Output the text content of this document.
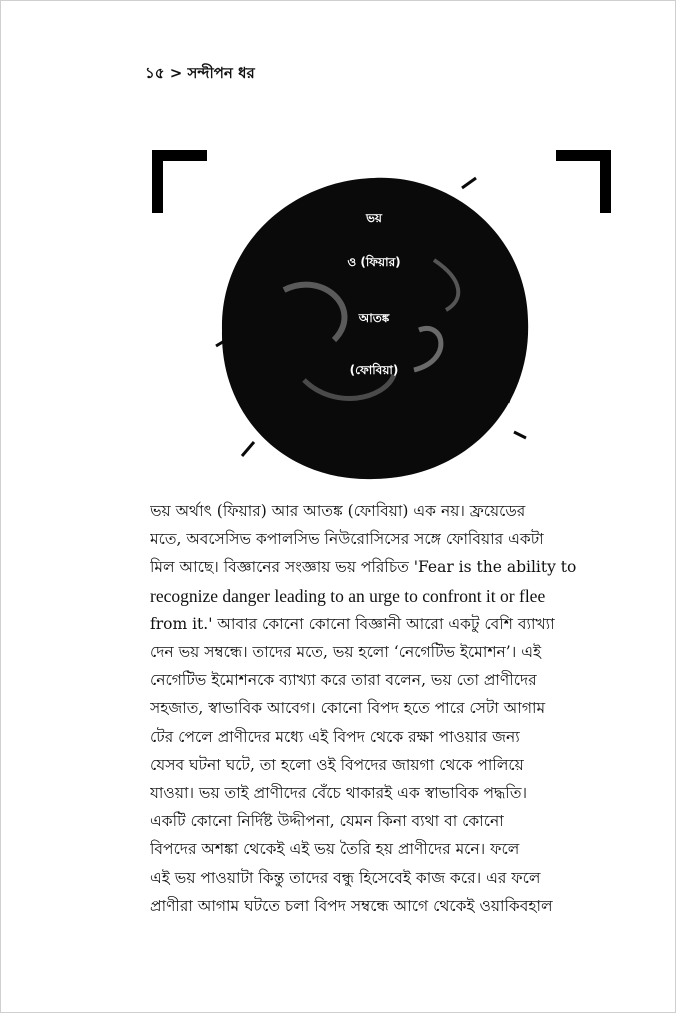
১৫ > সন্দীপন ধর
ভয়
ও (ফিয়ার)
আতঙ্ক
(ফোবিয়া)
ভয় অর্থাৎ (ফিয়ার) আর আতঙ্ক (ফোবিয়া) এক নয়। ফ্রয়েডের
মতে, অবসেসিভ কপালসিভ নিউরোসিসের সঙ্গে ফোবিয়ার একটা
মিল আছে। বিজ্ঞানের সংজ্ঞায় ভয় পরিচিত 'Fear is the ability to
recognize danger leading to an urge to confront it or flee
from it.' আবার কোনো কোনো বিজ্ঞানী আরো একটু বেশি ব্যাখ্যা
দেন ভয় সম্বন্ধে। তাদের মতে, ভয় হলো ‘নেগেটিভ ইমোশন’। এই
নেগেটিভ ইমোশনকে ব্যাখ্যা করে তারা বলেন, ভয় তো প্রাণীদের
সহজাত, স্বাভাবিক আবেগ। কোনো বিপদ হতে পারে সেটা আগাম
টের পেলে প্রাণীদের মধ্যে এই বিপদ থেকে রক্ষা পাওয়ার জন্য
যেসব ঘটনা ঘটে, তা হলো ওই বিপদের জায়গা থেকে পালিয়ে
যাওয়া। ভয় তাই প্রাণীদের বেঁচে থাকারই এক স্বাভাবিক পদ্ধতি।
একটি কোনো নির্দিষ্ট উদ্দীপনা, যেমন কিনা ব্যথা বা কোনো
বিপদের অশঙ্কা থেকেই এই ভয় তৈরি হয় প্রাণীদের মনে। ফলে
এই ভয় পাওয়াটা কিন্তু তাদের বন্ধু হিসেবেই কাজ করে। এর ফলে
প্রাণীরা আগাম ঘটতে চলা বিপদ সম্বন্ধে আগে থেকেই ওয়াকিবহাল
